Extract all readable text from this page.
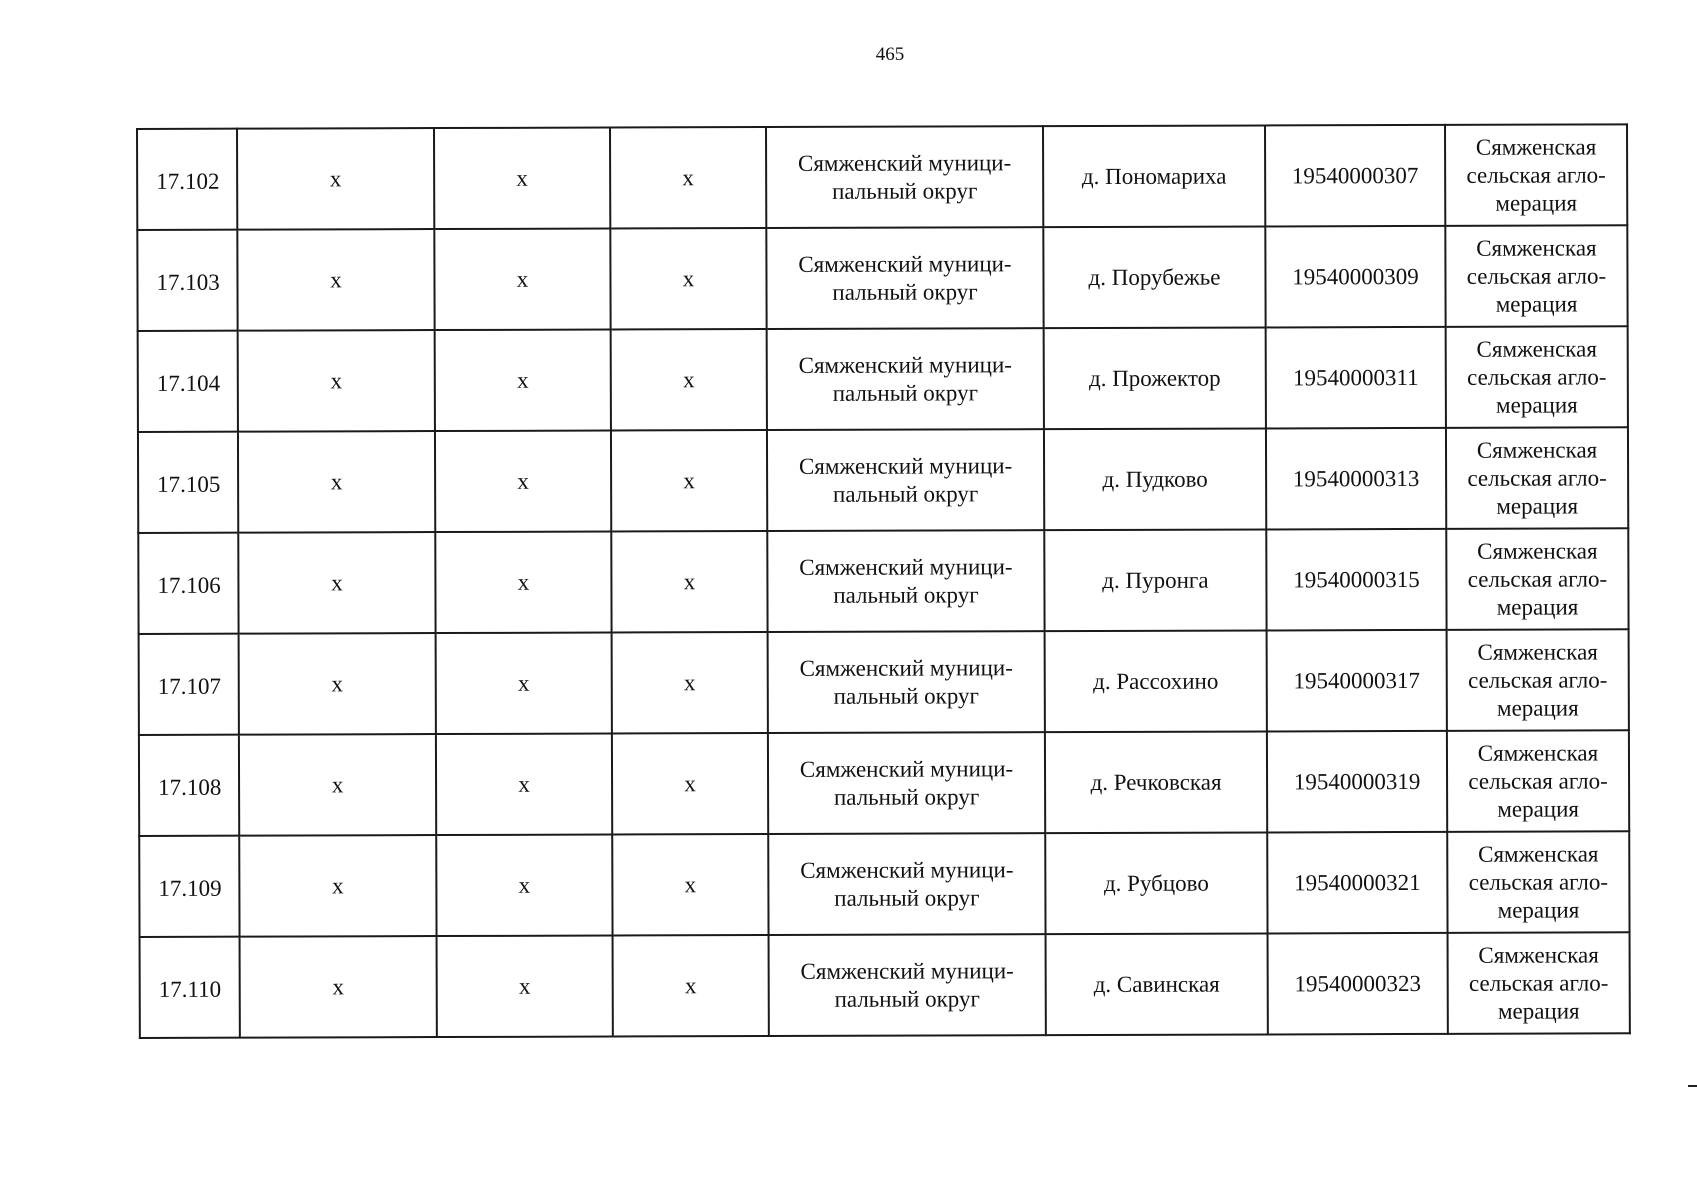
465
17.102	х	х	х	Сямженский муници-
пальный округ	д. Пономариха	19540000307	Сямженская
сельская агло-
мерация
17.103	х	х	х	Сямженский муници-
пальный округ	д. Порубежье	19540000309	Сямженская
сельская агло-
мерация
17.104	х	х	х	Сямженский муници-
пальный округ	д. Прожектор	19540000311	Сямженская
сельская агло-
мерация
17.105	х	х	х	Сямженский муници-
пальный округ	д. Пудково	19540000313	Сямженская
сельская агло-
мерация
17.106	х	х	х	Сямженский муници-
пальный округ	д. Пуронга	19540000315	Сямженская
сельская агло-
мерация
17.107	х	х	х	Сямженский муници-
пальный округ	д. Рассохино	19540000317	Сямженская
сельская агло-
мерация
17.108	х	х	х	Сямженский муници-
пальный округ	д. Речковская	19540000319	Сямженская
сельская агло-
мерация
17.109	х	х	х	Сямженский муници-
пальный округ	д. Рубцово	19540000321	Сямженская
сельская агло-
мерация
17.110	х	х	х	Сямженский муници-
пальный округ	д. Савинская	19540000323	Сямженская
сельская агло-
мерация
